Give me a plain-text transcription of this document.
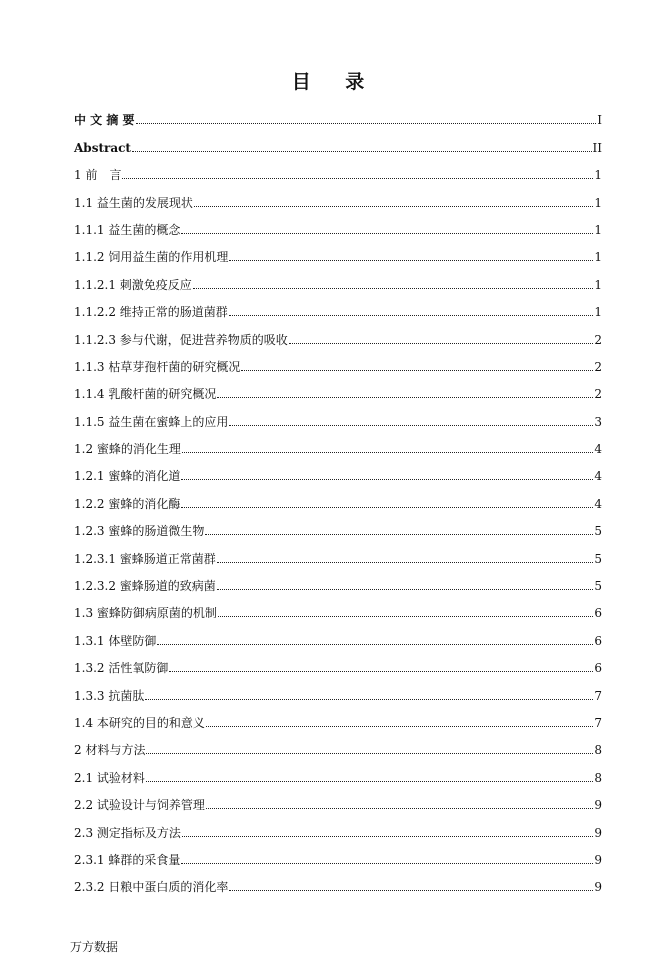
目 录
中 文 摘 要	I
Abstract	II
1 前　言	1
1.1 益生菌的发展现状	1
1.1.1 益生菌的概念	1
1.1.2 饲用益生菌的作用机理	1
1.1.2.1 刺激免疫反应	1
1.1.2.2 维持正常的肠道菌群	1
1.1.2.3 参与代谢，促进营养物质的吸收	2
1.1.3 枯草芽孢杆菌的研究概况	2
1.1.4 乳酸杆菌的研究概况	2
1.1.5 益生菌在蜜蜂上的应用	3
1.2 蜜蜂的消化生理	4
1.2.1 蜜蜂的消化道	4
1.2.2 蜜蜂的消化酶	4
1.2.3 蜜蜂的肠道微生物	5
1.2.3.1 蜜蜂肠道正常菌群	5
1.2.3.2 蜜蜂肠道的致病菌	5
1.3 蜜蜂防御病原菌的机制	6
1.3.1 体壁防御	6
1.3.2 活性氧防御	6
1.3.3 抗菌肽	7
1.4 本研究的目的和意义	7
2 材料与方法	8
2.1 试验材料	8
2.2 试验设计与饲养管理	9
2.3 测定指标及方法	9
2.3.1 蜂群的采食量	9
2.3.2 日粮中蛋白质的消化率	9
万方数据
